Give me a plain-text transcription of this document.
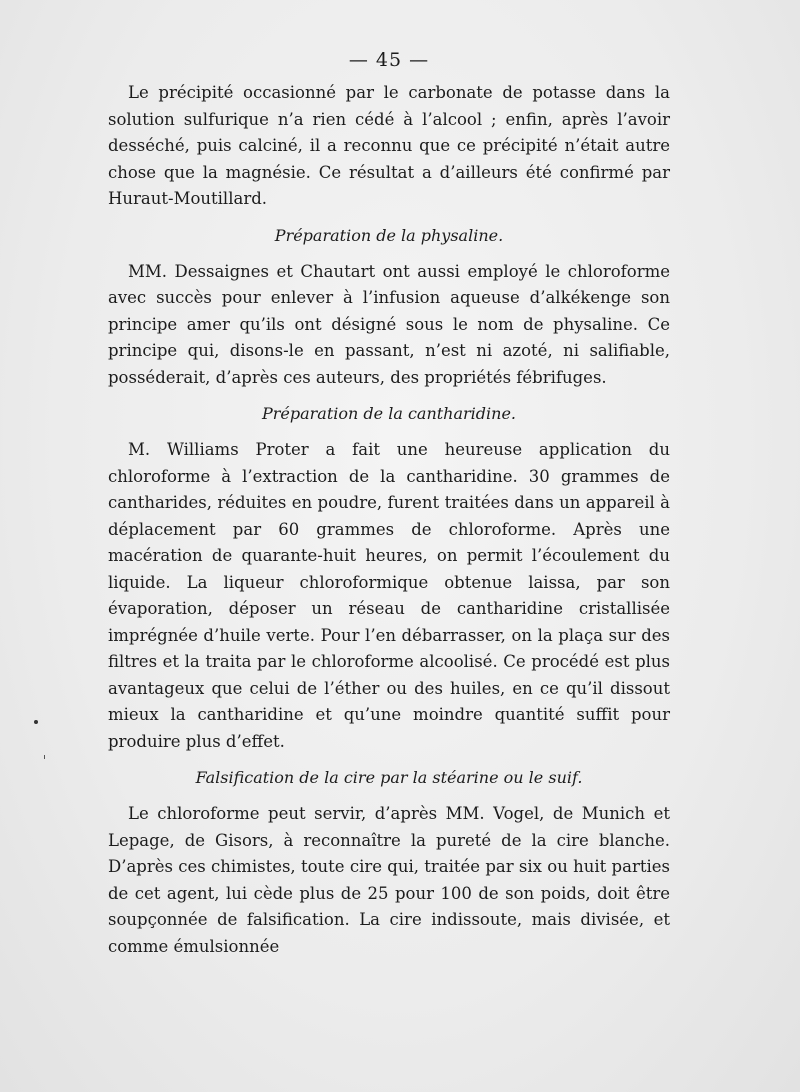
— 45 —

Le précipité occasionné par le carbonate de potasse dans la solution sulfurique n’a rien cédé à l’alcool ; enfin, après l’avoir desséché, puis calciné, il a reconnu que ce précipité n’était autre chose que la magnésie. Ce résultat a d’ailleurs été confirmé par Huraut-Moutillard.

Préparation de la physaline.

MM. Dessaignes et Chautart ont aussi employé le chloroforme avec succès pour enlever à l’infusion aqueuse d’alkékenge son principe amer qu’ils ont désigné sous le nom de physaline. Ce principe qui, disons-le en passant, n’est ni azoté, ni salifiable, posséderait, d’après ces auteurs, des propriétés fébrifuges.

Préparation de la cantharidine.

M. Williams Proter a fait une heureuse application du chloroforme à l’extraction de la cantharidine. 30 grammes de cantharides, réduites en poudre, furent traitées dans un appareil à déplacement par 60 grammes de chloroforme. Après une macération de quarante-huit heures, on permit l’écoulement du liquide. La liqueur chloroformique obtenue laissa, par son évaporation, déposer un réseau de cantharidine cristallisée imprégnée d’huile verte. Pour l’en débarrasser, on la plaça sur des filtres et la traita par le chloroforme alcoolisé. Ce procédé est plus avantageux que celui de l’éther ou des huiles, en ce qu’il dissout mieux la cantharidine et qu’une moindre quantité suffit pour produire plus d’effet.

Falsification de la cire par la stéarine ou le suif.

Le chloroforme peut servir, d’après MM. Vogel, de Munich et Lepage, de Gisors, à reconnaître la pureté de la cire blanche. D’après ces chimistes, toute cire qui, traitée par six ou huit parties de cet agent, lui cède plus de 25 pour 100 de son poids, doit être soupçonnée de falsification. La cire indissoute, mais divisée, et comme émulsionnée
